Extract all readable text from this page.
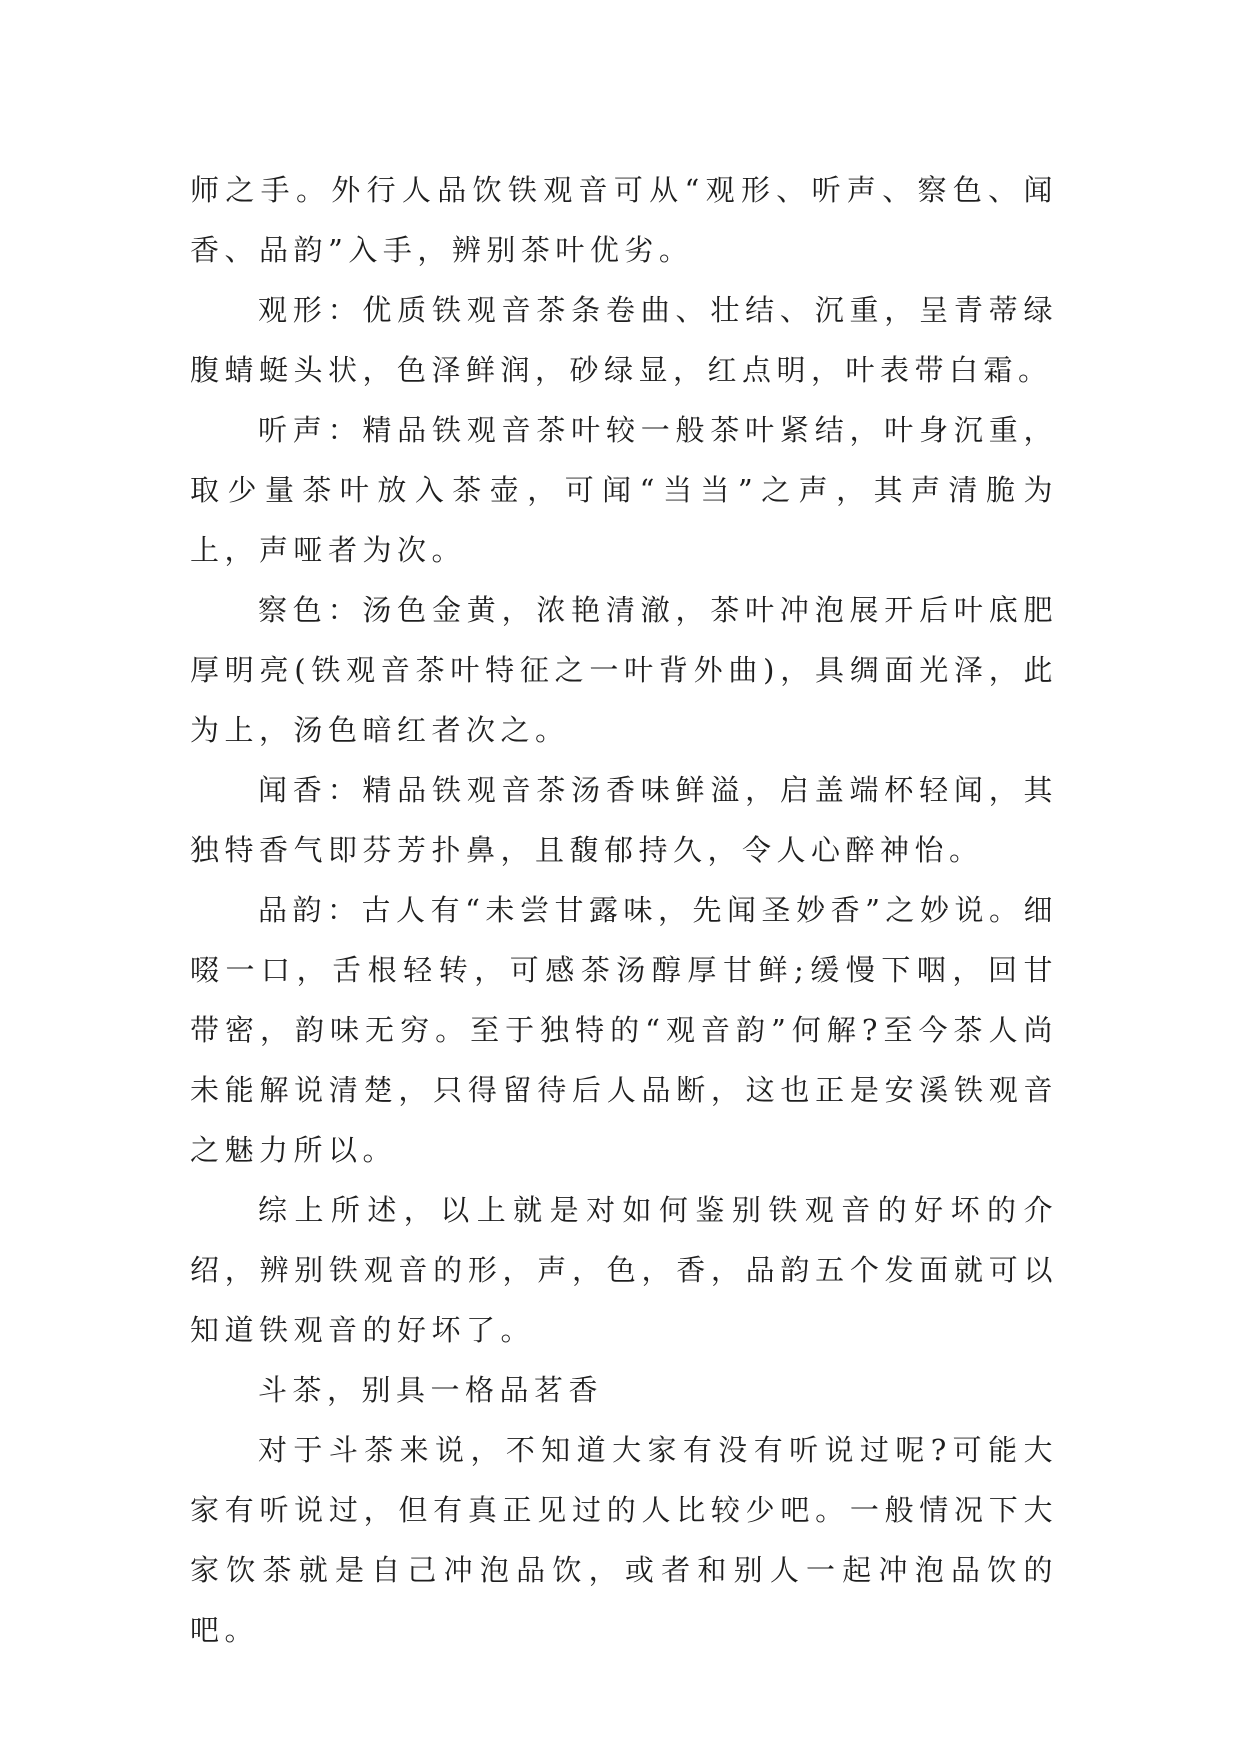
师之手。外行人品饮铁观音可从“观形、听声、察色、闻香、品韵”入手，辨别茶叶优劣。

观形：优质铁观音茶条卷曲、壮结、沉重，呈青蒂绿腹蜻蜓头状，色泽鲜润，砂绿显，红点明，叶表带白霜。

听声：精品铁观音茶叶较一般茶叶紧结，叶身沉重，取少量茶叶放入茶壶，可闻“当当”之声，其声清脆为上，声哑者为次。

察色：汤色金黄，浓艳清澈，茶叶冲泡展开后叶底肥厚明亮(铁观音茶叶特征之一叶背外曲)，具绸面光泽，此为上，汤色暗红者次之。

闻香：精品铁观音茶汤香味鲜溢，启盖端杯轻闻，其独特香气即芬芳扑鼻，且馥郁持久，令人心醉神怡。

品韵：古人有“未尝甘露味，先闻圣妙香”之妙说。细啜一口，舌根轻转，可感茶汤醇厚甘鲜;缓慢下咽，回甘带密，韵味无穷。至于独特的“观音韵”何解?至今茶人尚未能解说清楚，只得留待后人品断，这也正是安溪铁观音之魅力所以。

综上所述，以上就是对如何鉴别铁观音的好坏的介绍，辨别铁观音的形，声，色，香，品韵五个发面就可以知道铁观音的好坏了。

斗茶，别具一格品茗香

对于斗茶来说，不知道大家有没有听说过呢?可能大家有听说过，但有真正见过的人比较少吧。一般情况下大家饮茶就是自己冲泡品饮，或者和别人一起冲泡品饮的吧。
